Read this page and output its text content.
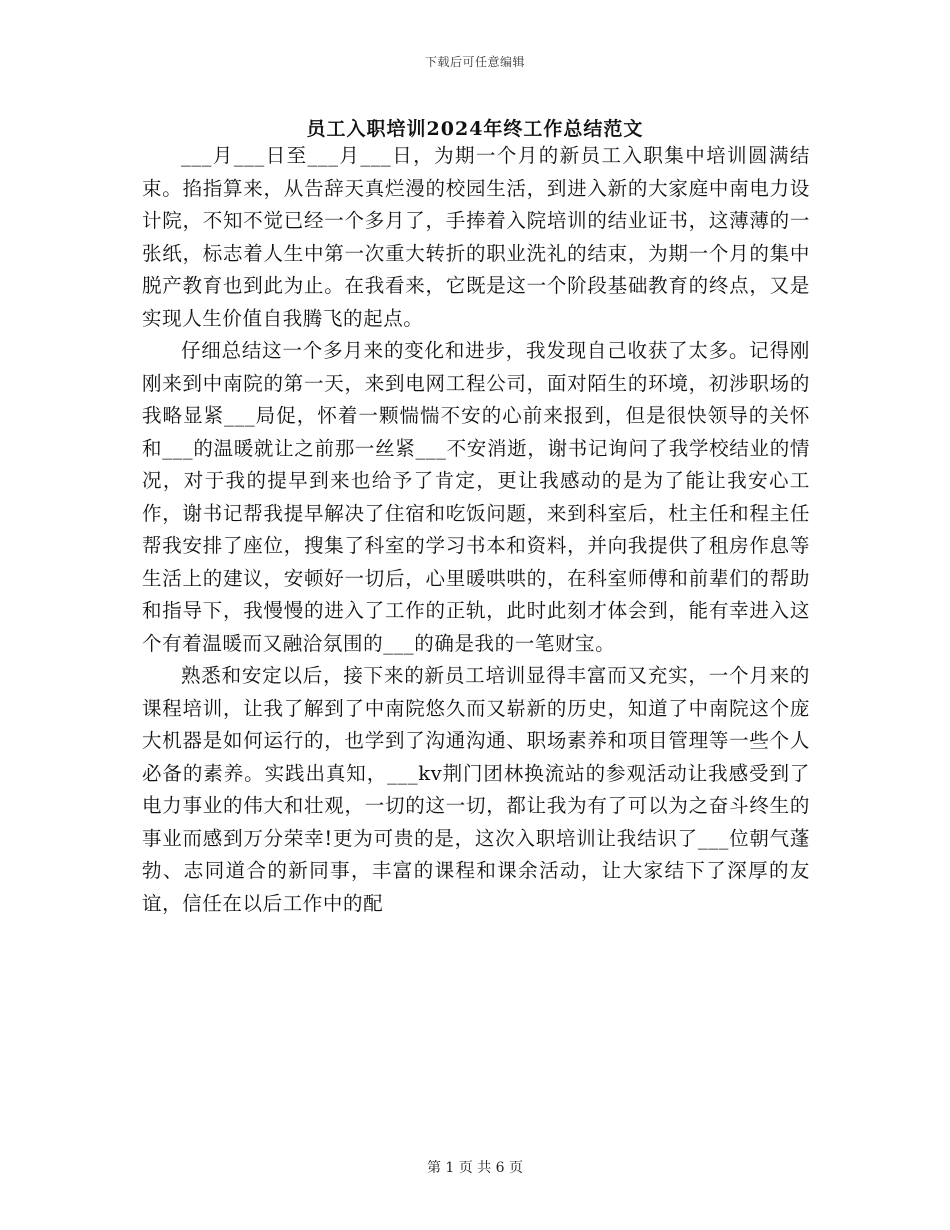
下载后可任意编辑
员工入职培训2024年终工作总结范文

___月___日至___月___日，为期一个月的新员工入职集中培训圆满结束。掐指算来，从告辞天真烂漫的校园生活，到进入新的大家庭中南电力设计院，不知不觉已经一个多月了，手捧着入院培训的结业证书，这薄薄的一张纸，标志着人生中第一次重大转折的职业洗礼的结束，为期一个月的集中脱产教育也到此为止。在我看来，它既是这一个阶段基础教育的终点，又是实现人生价值自我腾飞的起点。

仔细总结这一个多月来的变化和进步，我发现自己收获了太多。记得刚刚来到中南院的第一天，来到电网工程公司，面对陌生的环境，初涉职场的我略显紧___局促，怀着一颗惴惴不安的心前来报到，但是很快领导的关怀和___的温暖就让之前那一丝紧___不安消逝，谢书记询问了我学校结业的情况，对于我的提早到来也给予了肯定，更让我感动的是为了能让我安心工作，谢书记帮我提早解决了住宿和吃饭问题，来到科室后，杜主任和程主任帮我安排了座位，搜集了科室的学习书本和资料，并向我提供了租房作息等生活上的建议，安顿好一切后，心里暖哄哄的，在科室师傅和前辈们的帮助和指导下，我慢慢的进入了工作的正轨，此时此刻才体会到，能有幸进入这个有着温暖而又融洽氛围的___的确是我的一笔财宝。

熟悉和安定以后，接下来的新员工培训显得丰富而又充实，一个月来的课程培训，让我了解到了中南院悠久而又崭新的历史，知道了中南院这个庞大机器是如何运行的，也学到了沟通沟通、职场素养和项目管理等一些个人必备的素养。实践出真知，___kv荆门团林换流站的参观活动让我感受到了电力事业的伟大和壮观，一切的这一切，都让我为有了可以为之奋斗终生的事业而感到万分荣幸!更为可贵的是，这次入职培训让我结识了___位朝气蓬勃、志同道合的新同事，丰富的课程和课余活动，让大家结下了深厚的友谊，信任在以后工作中的配

第 1 页 共 6 页
